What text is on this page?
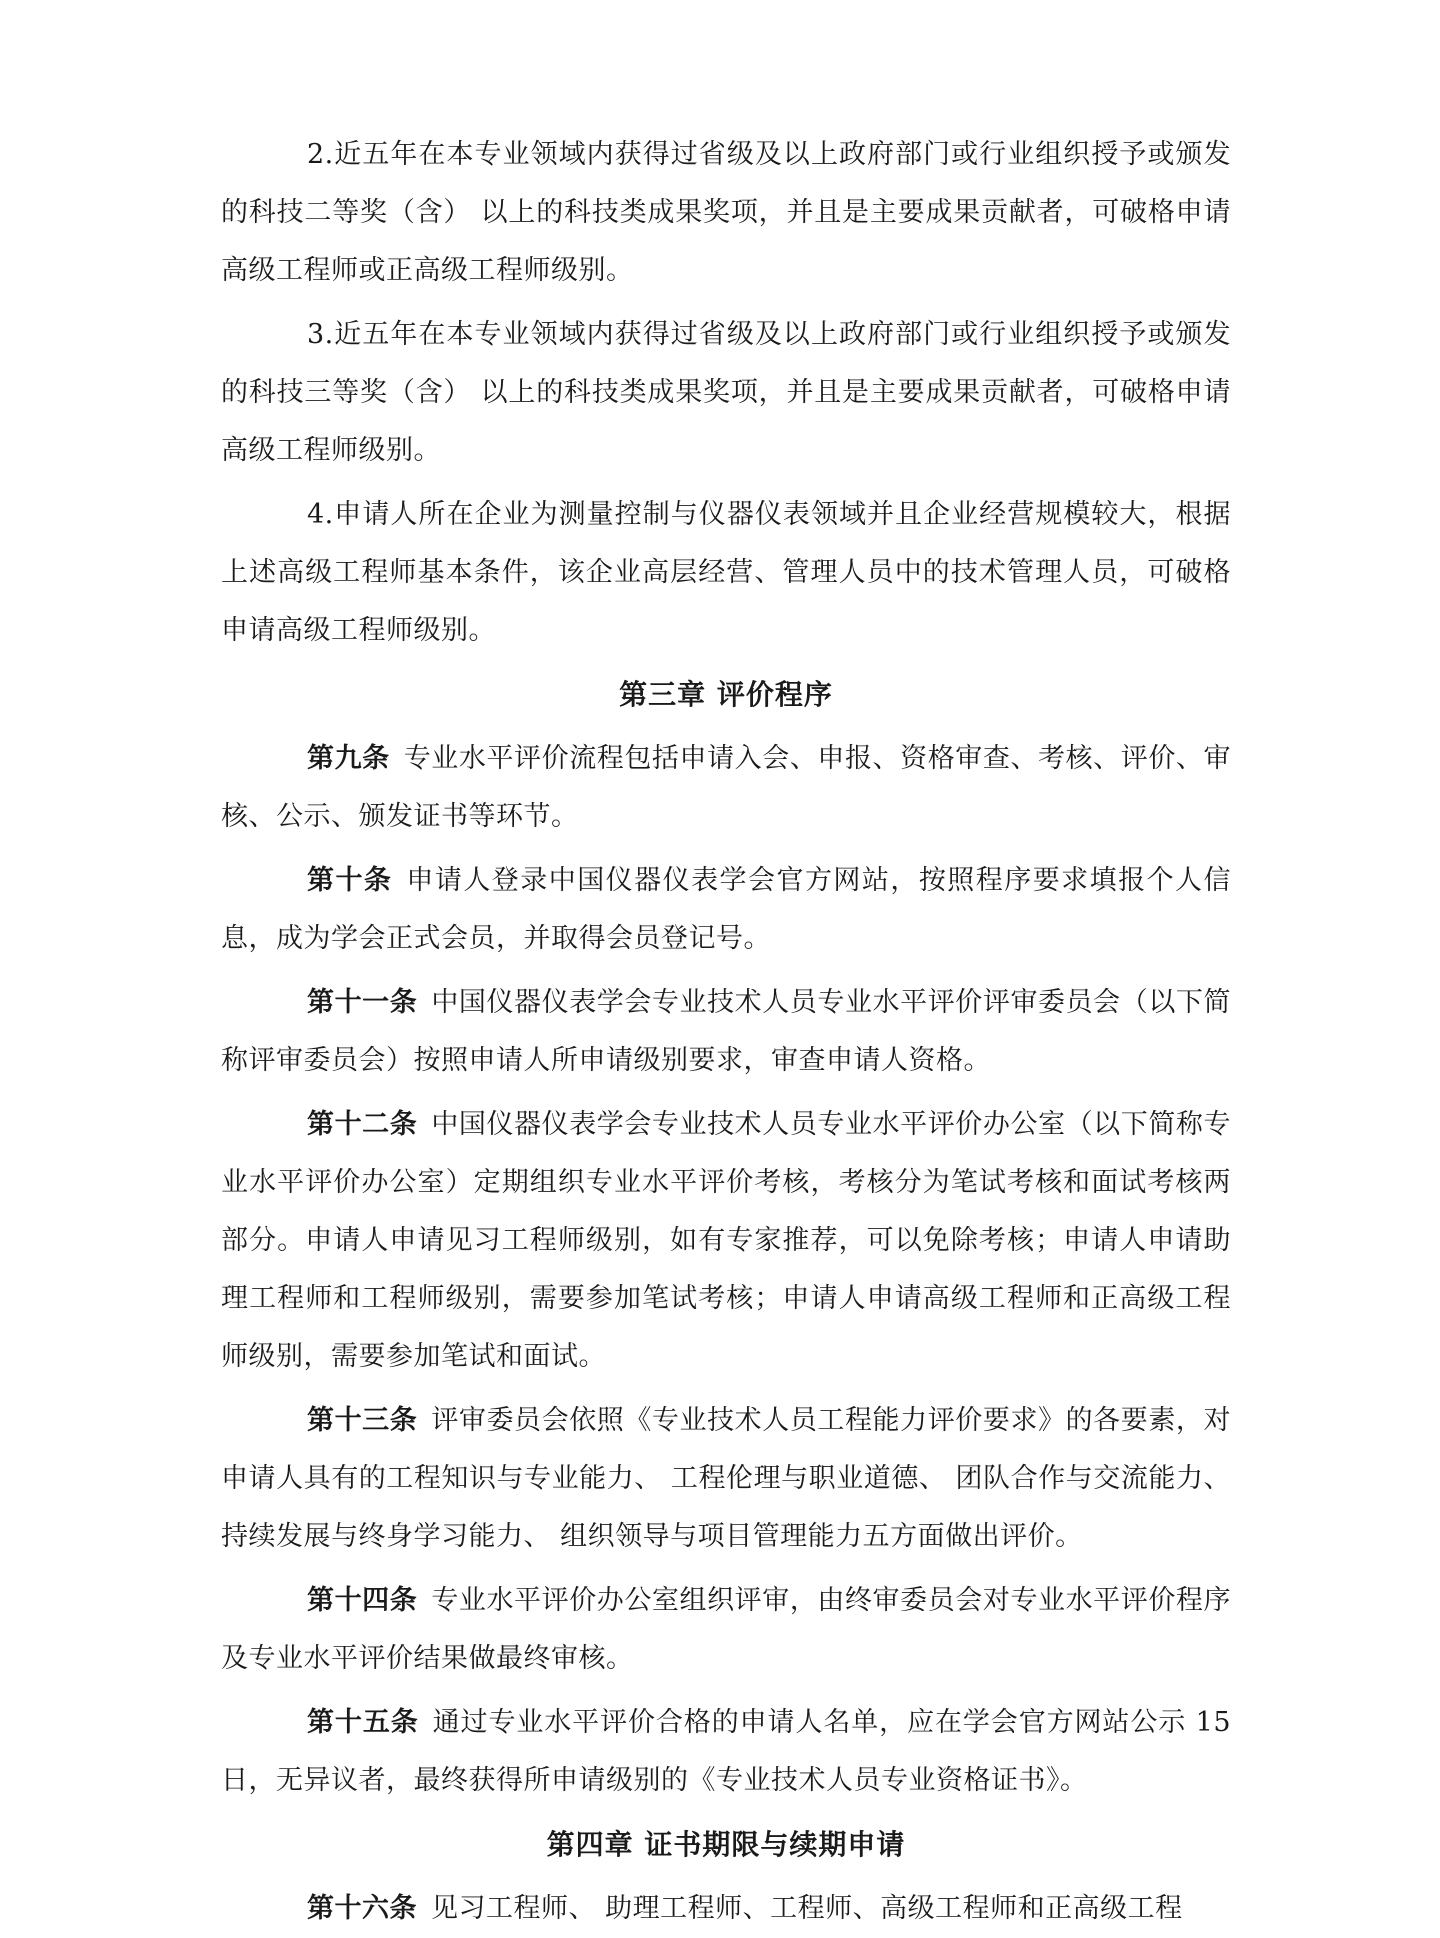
2.近五年在本专业领域内获得过省级及以上政府部门或行业组织授予或颁发的科技二等奖（含） 以上的科技类成果奖项，并且是主要成果贡献者，可破格申请高级工程师或正高级工程师级别。

3.近五年在本专业领域内获得过省级及以上政府部门或行业组织授予或颁发的科技三等奖（含） 以上的科技类成果奖项，并且是主要成果贡献者，可破格申请高级工程师级别。

4.申请人所在企业为测量控制与仪器仪表领域并且企业经营规模较大，根据上述高级工程师基本条件，该企业高层经营、管理人员中的技术管理人员，可破格申请高级工程师级别。

第三章 评价程序

第九条 专业水平评价流程包括申请入会、申报、资格审查、考核、评价、审核、公示、颁发证书等环节。

第十条 申请人登录中国仪器仪表学会官方网站，按照程序要求填报个人信息，成为学会正式会员，并取得会员登记号。

第十一条 中国仪器仪表学会专业技术人员专业水平评价评审委员会（以下简称评审委员会）按照申请人所申请级别要求，审查申请人资格。

第十二条 中国仪器仪表学会专业技术人员专业水平评价办公室（以下简称专业水平评价办公室）定期组织专业水平评价考核，考核分为笔试考核和面试考核两部分。申请人申请见习工程师级别，如有专家推荐，可以免除考核；申请人申请助理工程师和工程师级别，需要参加笔试考核；申请人申请高级工程师和正高级工程师级别，需要参加笔试和面试。

第十三条 评审委员会依照《专业技术人员工程能力评价要求》的各要素，对申请人具有的工程知识与专业能力、 工程伦理与职业道德、 团队合作与交流能力、 持续发展与终身学习能力、 组织领导与项目管理能力五方面做出评价。

第十四条 专业水平评价办公室组织评审，由终审委员会对专业水平评价程序及专业水平评价结果做最终审核。

第十五条 通过专业水平评价合格的申请人名单，应在学会官方网站公示 15 日，无异议者，最终获得所申请级别的《专业技术人员专业资格证书》。

第四章 证书期限与续期申请

第十六条 见习工程师、 助理工程师、工程师、高级工程师和正高级工程
